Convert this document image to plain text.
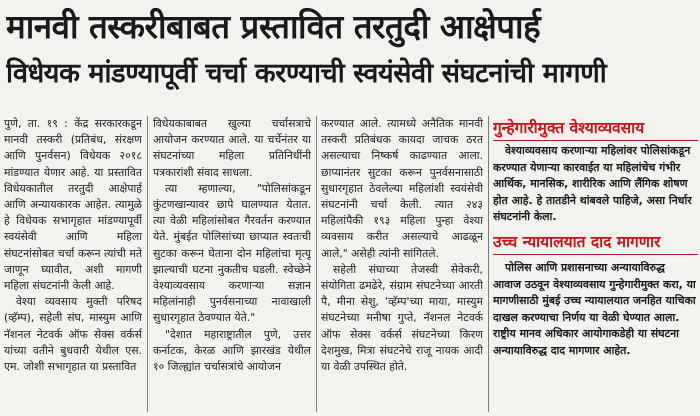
मानवी तस्करीबाबत प्रस्तावित तरतुदी आक्षेपार्ह
विधेयक मांडण्यापूर्वी चर्चा करण्याची स्वयंसेवी संघटनांची मागणी

पुणे, ता. १९ : केंद्र सरकारकडून मानवी तस्करी (प्रतिबंध, संरक्षण आणि पुनर्वसन) विधेयक २०१८ मांडण्यात येणार आहे. या प्रस्तावित विधेयकातील तरतुदी आक्षेपार्ह आणि अन्यायकारक आहेत. त्यामुळे हे विधेयक सभागृहात मांडण्यापूर्वी स्वयंसेवी आणि महिला संघटनांसोबत चर्चा करून त्यांची मते जाणून घ्यावीत, अशी मागणी महिला संघटनांनी केली आहे.

वेश्या व्यवसाय मुक्ती परिषद (व्हॅम्प), सहेली संघ, मास्युम आणि नॅशनल नेटवर्क ऑफ सेक्स वर्कर्स यांच्या वतीने बुधवारी येथील एस. एम. जोशी सभागृहात या प्रस्तावित

विधेयकाबाबत खुल्या चर्चासत्राचे आयोजन करण्यात आले. या चर्चेनंतर या संघटनांच्या महिला प्रतिनिधींनी पत्रकारांशी संवाद साधला.

त्या म्हणाल्या, "पोलिसांकडून कुंटणखान्यावर छापे घालण्यात येतात. त्या वेळी महिलांसोबत गैरवर्तन करण्यात येते. मुंबईत पोलिसांच्या छाप्यात स्वतःची सुटका करून घेताना दोन महिलांचा मृत्यू झाल्याची घटना नुकतीच घडली. स्वेच्छेने वेश्याव्यवसाय करणाऱ्या सज्ञान महिलांनाही पुनर्वसनाच्या नावाखाली सुधारगृहात ठेवण्यात येते."

"देशात महाराष्ट्रातील पुणे, उत्तर कर्नाटक, केरळ आणि झारखंड येथील १० जिल्ह्यांत चर्चासत्रांचे आयोजन

करण्यात आले. त्यामध्ये अनैतिक मानवी तस्करी प्रतिबंधक कायदा जाचक ठरत असल्याचा निष्कर्ष काढण्यात आला. छाप्यानंतर सुटका करून पुनर्वसनासाठी सुधारगृहात ठेवलेल्या महिलांशी स्वयंसेवी संघटनांनी चर्चा केली. त्यात २४३ महिलांपैकी १९३ महिला पुन्हा वेश्या व्यवसाय करीत असल्याचे आढळून आले," असेही त्यांनी सांगितले.

सहेली संघाच्या तेजस्वी सेवेकरी, संयोगिता ढमढेरे, संग्राम संघटनेच्या आरती पै, मीना सेशु, 'व्हॅम्प'च्या माया, मास्युम संघटनेच्या मनीषा गुप्ते, नॅशनल नेटवर्क ऑफ सेक्स वर्कर्स संघटनेच्या किरण देशमुख, मित्रा संघटनेचे राजू नायक आदी या वेळी उपस्थित होते.

गुन्हेगारीमुक्त वेश्याव्यवसाय

वेश्याव्यवसाय करणाऱ्या महिलांवर पोलिसांकडून करण्यात येणाऱ्या कारवाईत या महिलांचेच गंभीर आर्थिक, मानसिक, शारीरिक आणि लैंगिक शोषण होत आहे. हे तातडीने थांबवले पाहिजे, असा निर्धार संघटनांनी केला.

उच्च न्यायालयात दाद मागणार

पोलिस आणि प्रशासनाच्या अन्यायाविरुद्ध आवाज उठवून वेश्याव्यवसाय गुन्हेगारीमुक्त करा, या मागणीसाठी मुंबई उच्च न्यायालयात जनहित याचिका दाखल करण्याचा निर्णय या वेळी घेण्यात आला. राष्ट्रीय मानव अधिकार आयोगाकडेही या संघटना अन्यायाविरुद्ध दाद मागणार आहेत.
